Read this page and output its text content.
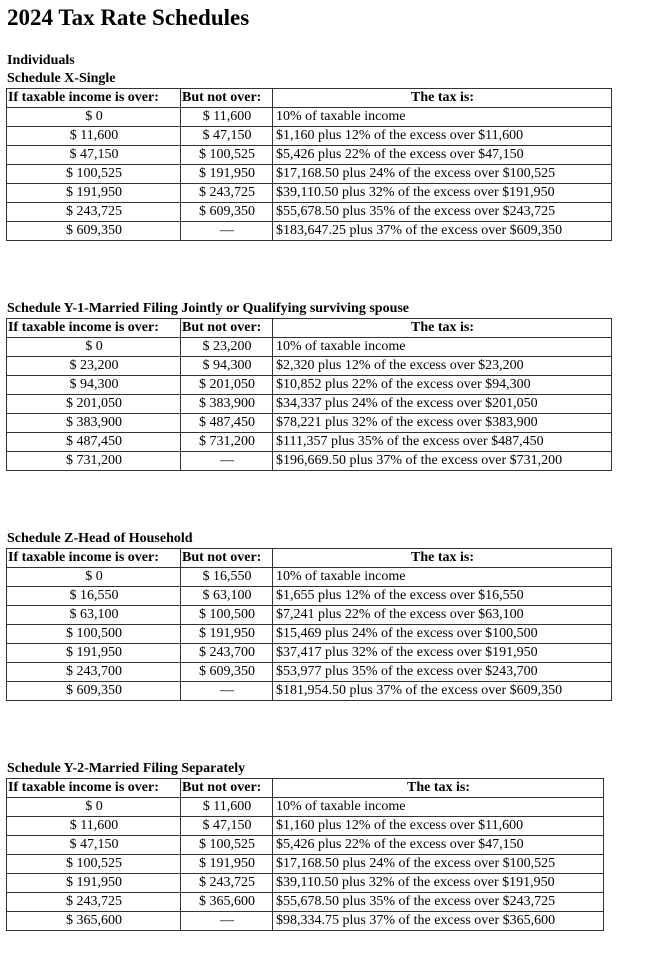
2024 Tax Rate Schedules
Individuals
Schedule X-Single
If taxable income is over:	But not over:	The tax is:
$ 0	$ 11,600	10% of taxable income
$ 11,600	$ 47,150	$1,160 plus 12% of the excess over $11,600
$ 47,150	$ 100,525	$5,426 plus 22% of the excess over $47,150
$ 100,525	$ 191,950	$17,168.50 plus 24% of the excess over $100,525
$ 191,950	$ 243,725	$39,110.50 plus 32% of the excess over $191,950
$ 243,725	$ 609,350	$55,678.50 plus 35% of the excess over $243,725
$ 609,350	—	$183,647.25 plus 37% of the excess over $609,350
Schedule Y-1-Married Filing Jointly or Qualifying surviving spouse
If taxable income is over:	But not over:	The tax is:
$ 0	$ 23,200	10% of taxable income
$ 23,200	$ 94,300	$2,320 plus 12% of the excess over $23,200
$ 94,300	$ 201,050	$10,852 plus 22% of the excess over $94,300
$ 201,050	$ 383,900	$34,337 plus 24% of the excess over $201,050
$ 383,900	$ 487,450	$78,221 plus 32% of the excess over $383,900
$ 487,450	$ 731,200	$111,357 plus 35% of the excess over $487,450
$ 731,200	—	$196,669.50 plus 37% of the excess over $731,200
Schedule Z-Head of Household
If taxable income is over:	But not over:	The tax is:
$ 0	$ 16,550	10% of taxable income
$ 16,550	$ 63,100	$1,655 plus 12% of the excess over $16,550
$ 63,100	$ 100,500	$7,241 plus 22% of the excess over $63,100
$ 100,500	$ 191,950	$15,469 plus 24% of the excess over $100,500
$ 191,950	$ 243,700	$37,417 plus 32% of the excess over $191,950
$ 243,700	$ 609,350	$53,977 plus 35% of the excess over $243,700
$ 609,350	—	$181,954.50 plus 37% of the excess over $609,350
Schedule Y-2-Married Filing Separately
If taxable income is over:	But not over:	The tax is:
$ 0	$ 11,600	10% of taxable income
$ 11,600	$ 47,150	$1,160 plus 12% of the excess over $11,600
$ 47,150	$ 100,525	$5,426 plus 22% of the excess over $47,150
$ 100,525	$ 191,950	$17,168.50 plus 24% of the excess over $100,525
$ 191,950	$ 243,725	$39,110.50 plus 32% of the excess over $191,950
$ 243,725	$ 365,600	$55,678.50 plus 35% of the excess over $243,725
$ 365,600	—	$98,334.75 plus 37% of the excess over $365,600
